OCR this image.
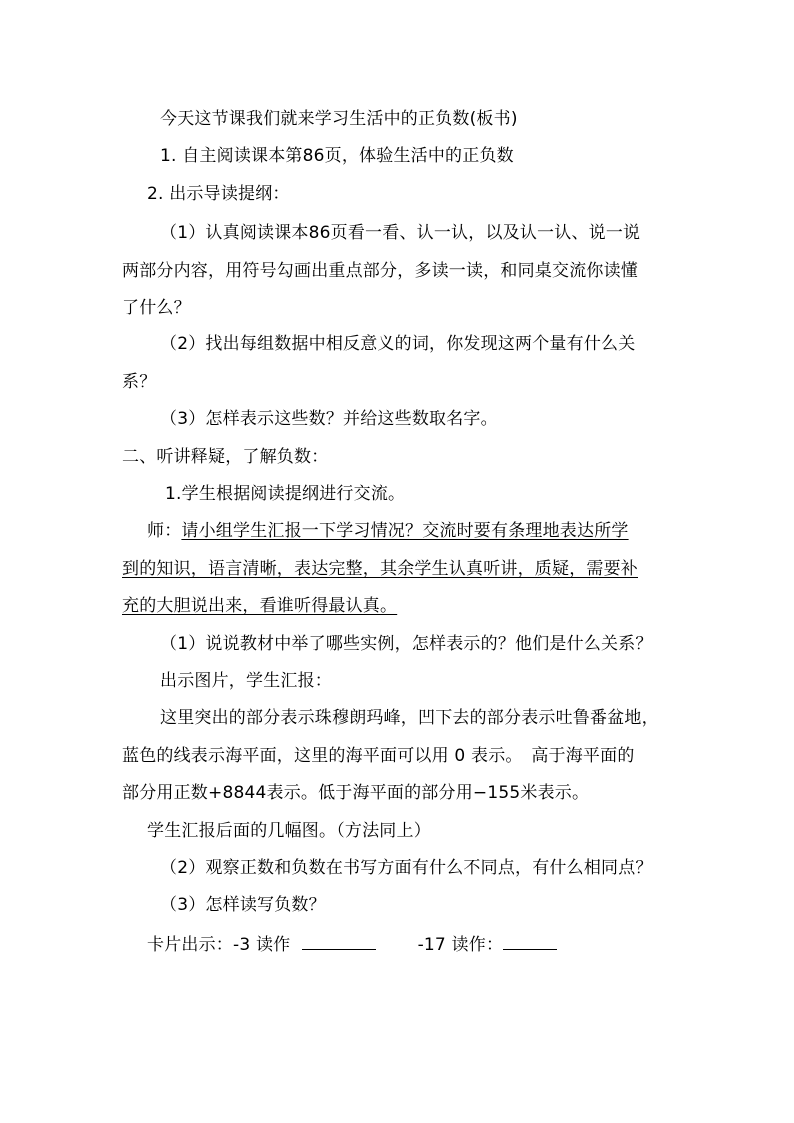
今天这节课我们就来学习生活中的正负数(板书)
1. 自主阅读课本第86页，体验生活中的正负数
2. 出示导读提纲：
（1）认真阅读课本86页看一看、认一认，以及认一认、说一说
两部分内容，用符号勾画出重点部分，多读一读，和同桌交流你读懂
了什么？
（2）找出每组数据中相反意义的词，你发现这两个量有什么关
系？
（3）怎样表示这些数？并给这些数取名字。
二、听讲释疑，了解负数：
1.学生根据阅读提纲进行交流。
师：请小组学生汇报一下学习情况？交流时要有条理地表达所学
到的知识，语言清晰，表达完整，其余学生认真听讲，质疑，需要补
充的大胆说出来，看谁听得最认真。
（1）说说教材中举了哪些实例，怎样表示的？他们是什么关系？
出示图片，学生汇报：
这里突出的部分表示珠穆朗玛峰，凹下去的部分表示吐鲁番盆地，
蓝色的线表示海平面，这里的海平面可以用 0 表示。　高于海平面的
部分用正数+8844表示。低于海平面的部分用−155米表示。
学生汇报后面的几幅图。（方法同上）
（2）观察正数和负数在书写方面有什么不同点，有什么相同点？
（3）怎样读写负数？
卡片出示：-3 读作	-17 读作：
